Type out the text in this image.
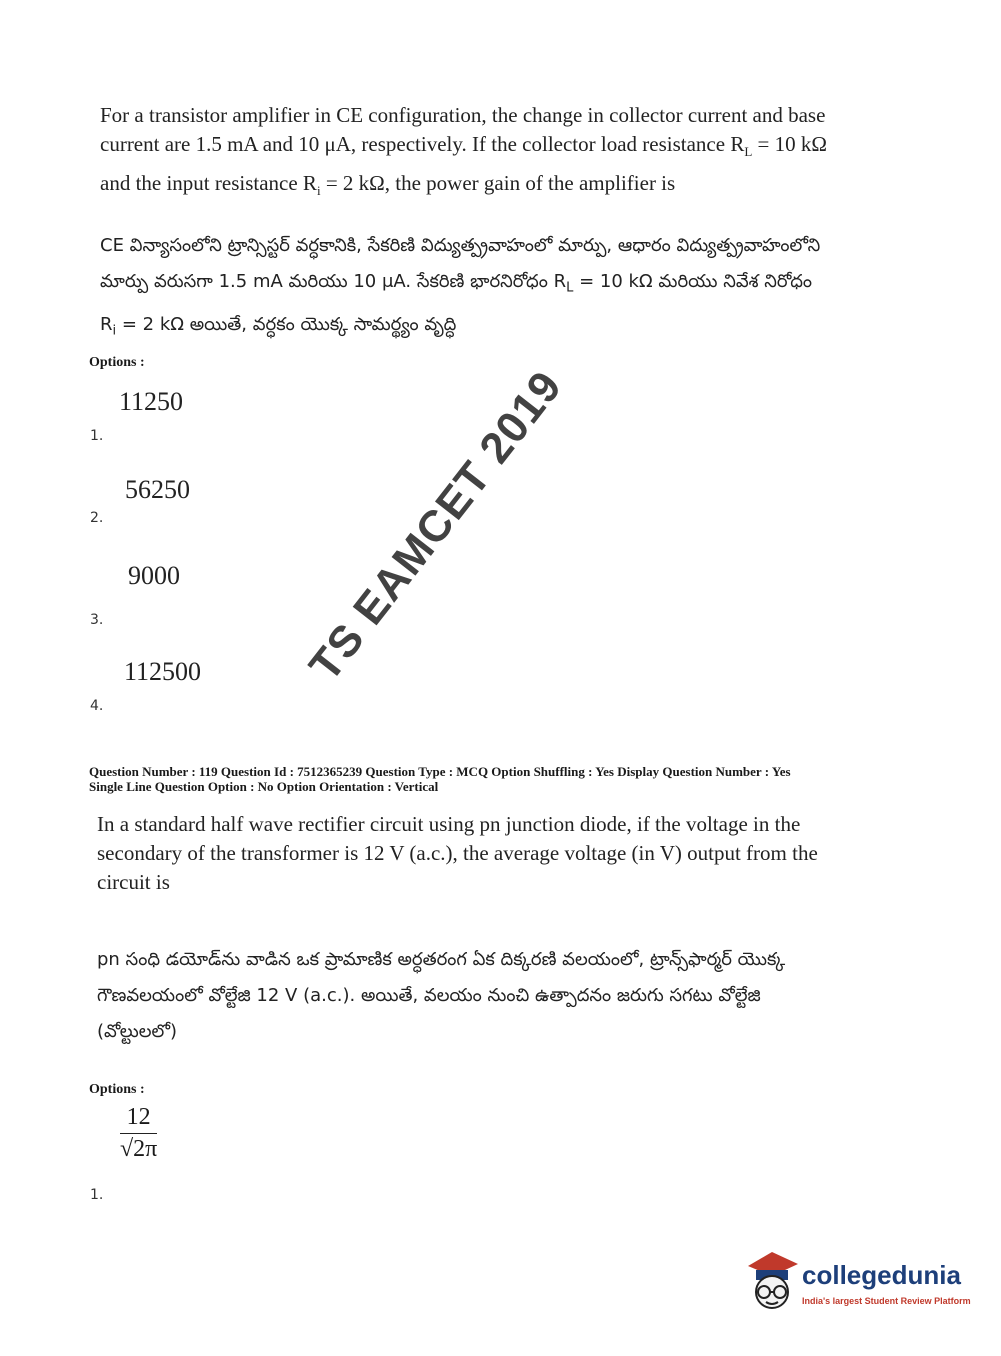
For a transistor amplifier in CE configuration, the change in collector current and base
current are 1.5 mA and 10 μA, respectively. If the collector load resistance $R_L = 10$ kΩ
and the input resistance $R_i = 2$ kΩ, the power gain of the amplifier is
CE విన్యాసంలోని ట్రాన్సిస్టర్ వర్ధకానికి, సేకరిణి విద్యుత్ప్రవాహంలో మార్పు, ఆధారం విద్యుత్ప్రవాహంలోని
మార్పు వరుసగా 1.5 mA మరియు 10 μA. సేకరిణి భారనిరోధం $R_L = 10$ kΩ మరియు నివేశ నిరోధం
$R_i = 2$ kΩ అయితే, వర్ధకం యొక్క సామర్థ్యం వృద్ధి
Options :
11250
1.
56250
2.
9000
3.
112500
4.
Question Number : 119 Question Id : 7512365239 Question Type : MCQ Option Shuffling : Yes Display Question Number : Yes
Single Line Question Option : No Option Orientation : Vertical
In a standard half wave rectifier circuit using pn junction diode, if the voltage in the
secondary of the transformer is 12 V (a.c.), the average voltage (in V) output from the
circuit is
pn సంధి డయోడ్‌ను వాడిన ఒక ప్రామాణిక అర్ధతరంగ ఏక దిక్కరణి వలయంలో, ట్రాన్స్‌ఫార్మర్ యొక్క
గౌణవలయంలో వోల్టేజి 12 V (a.c.). అయితే, వలయం నుంచి ఉత్పాదనం జరుగు సగటు వోల్టేజి
(వోల్టులలో)
Options :
$\frac{12}{√2\pi}$
1.
TS EAMCET 2019
collegedunia
India's largest Student Review Platform
